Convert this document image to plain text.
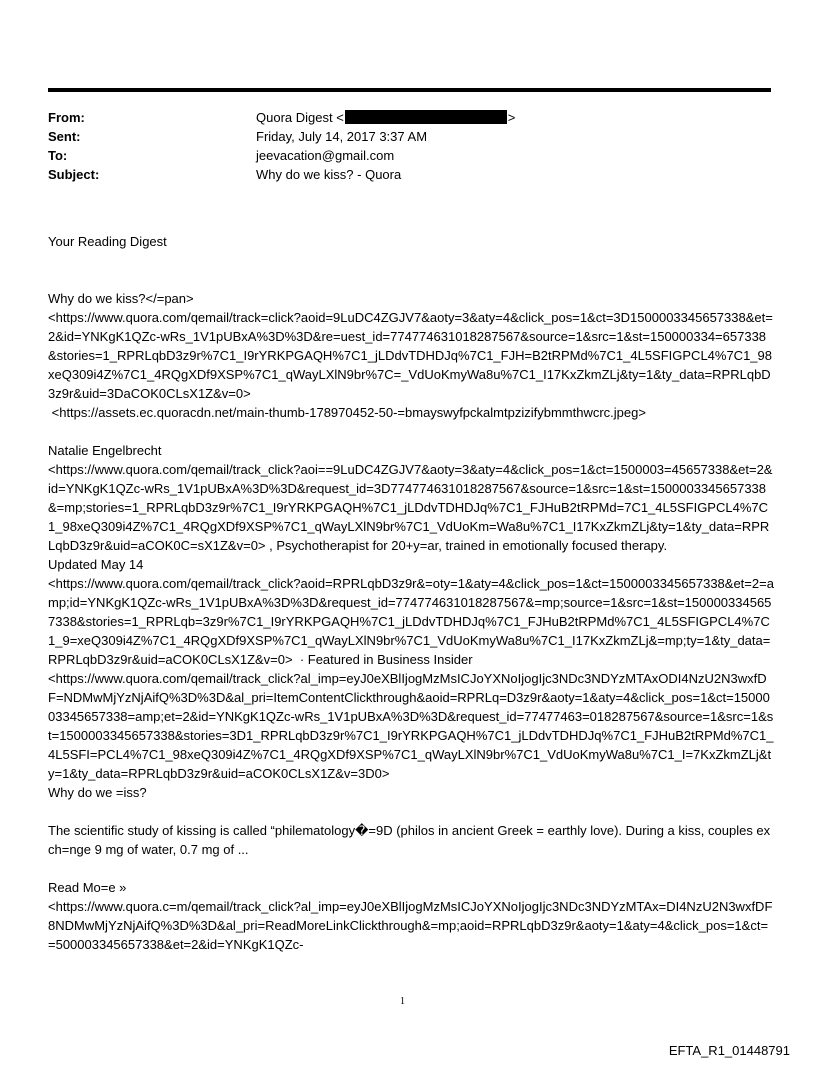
From:	Quora Digest <	>
Sent:	Friday, July 14, 2017 3:37 AM
To:	jeevacation@gmail.com
Subject:	Why do we kiss? - Quora

Your Reading Digest

Why do we kiss?</=pan>

<https://www.quora.com/qemail/track=click?aoid=9LuDC4ZGJV7&aoty=3&aty=4&click_pos=1&ct=3D1500003345657338&et=2&id=YNKgK1QZc-wRs_1V1pUBxA%3D%3D&re=uest_id=774774631018287567&source=1&src=1&st=150000334=657338&stories=1_RPRLqbD3z9r%7C1_I9rYRKPGAQH%7C1_jLDdvTDHDJq%7C1_FJH=B2tRPMd%7C1_4L5SFIGPCL4%7C1_98xeQ309i4Z%7C1_4RQgXDf9XSP%7C1_qWayLXlN9br%7C=_VdUoKmyWa8u%7C1_I17KxZkmZLj&ty=1&ty_data=RPRLqbD3z9r&uid=3DaCOK0CLsX1Z&v=0>

<https://assets.ec.quoracdn.net/main-thumb-178970452-50-=bmayswyfpckalmtpzizifybmmthwcrc.jpeg>

Natalie Engelbrecht

<https://www.quora.com/qemail/track_click?aoi==9LuDC4ZGJV7&aoty=3&aty=4&click_pos=1&ct=1500003=45657338&et=2&id=YNKgK1QZc-wRs_1V1pUBxA%3D%3D&request_id=3D774774631018287567&source=1&src=1&st=1500003345657338&=mp;stories=1_RPRLqbD3z9r%7C1_I9rYRKPGAQH%7C1_jLDdvTDHDJq%7C1_FJHuB2tRPMd=7C1_4L5SFIGPCL4%7C1_98xeQ309i4Z%7C1_4RQgXDf9XSP%7C1_qWayLXlN9br%7C1_VdUoKm=Wa8u%7C1_I17KxZkmZLj&ty=1&ty_data=RPRLqbD3z9r&uid=aCOK0C=sX1Z&v=0> , Psychotherapist for 20+y=ar, trained in emotionally focused therapy.

Updated May 14

<https://www.quora.com/qemail/track_click?aoid=RPRLqbD3z9r&=oty=1&aty=4&click_pos=1&ct=1500003345657338&et=2=amp;id=YNKgK1QZc-wRs_1V1pUBxA%3D%3D&request_id=774774631018287567&=mp;source=1&src=1&st=1500003345657338&stories=1_RPRLqb=3z9r%7C1_I9rYRKPGAQH%7C1_jLDdvTDHDJq%7C1_FJHuB2tRPMd%7C1_4L5SFIGPCL4%7C1_9=xeQ309i4Z%7C1_4RQgXDf9XSP%7C1_qWayLXlN9br%7C1_VdUoKmyWa8u%7C1_I17KxZkmZLj&=mp;ty=1&ty_data=RPRLqbD3z9r&uid=aCOK0CLsX1Z&v=0>  · Featured in Business Insider

<https://www.quora.com/qemail/track_click?al_imp=eyJ0eXBlIjogMzMsICJoYXNoIjogIjc3NDc3NDYzMTAxODI4NzU2N3wxfDF=NDMwMjYzNjAifQ%3D%3D&al_pri=ItemContentClickthrough&aoid=RPRLq=D3z9r&aoty=1&aty=4&click_pos=1&ct=1500003345657338=amp;et=2&id=YNKgK1QZc-wRs_1V1pUBxA%3D%3D&request_id=77477463=018287567&source=1&src=1&st=1500003345657338&stories=3D1_RPRLqbD3z9r%7C1_I9rYRKPGAQH%7C1_jLDdvTDHDJq%7C1_FJHuB2tRPMd%7C1_4L5SFI=PCL4%7C1_98xeQ309i4Z%7C1_4RQgXDf9XSP%7C1_qWayLXlN9br%7C1_VdUoKmyWa8u%7C1_I=7KxZkmZLj&ty=1&ty_data=RPRLqbD3z9r&uid=aCOK0CLsX1Z&v=3D0>

Why do we =iss?

The scientific study of kissing is called “philematology�=9D (philos in ancient Greek = earthly love). During a kiss, couples exch=nge 9 mg of water, 0.7 mg of ...

Read Mo=e »

<https://www.quora.c=m/qemail/track_click?al_imp=eyJ0eXBlIjogMzMsICJoYXNoIjogIjc3NDc3NDYzMTAx=DI4NzU2N3wxfDF8NDMwMjYzNjAifQ%3D%3D&al_pri=ReadMoreLinkClickthrough&=mp;aoid=RPRLqbD3z9r&aoty=1&aty=4&click_pos=1&ct==500003345657338&et=2&id=YNKgK1QZc-

1
EFTA_R1_01448791
